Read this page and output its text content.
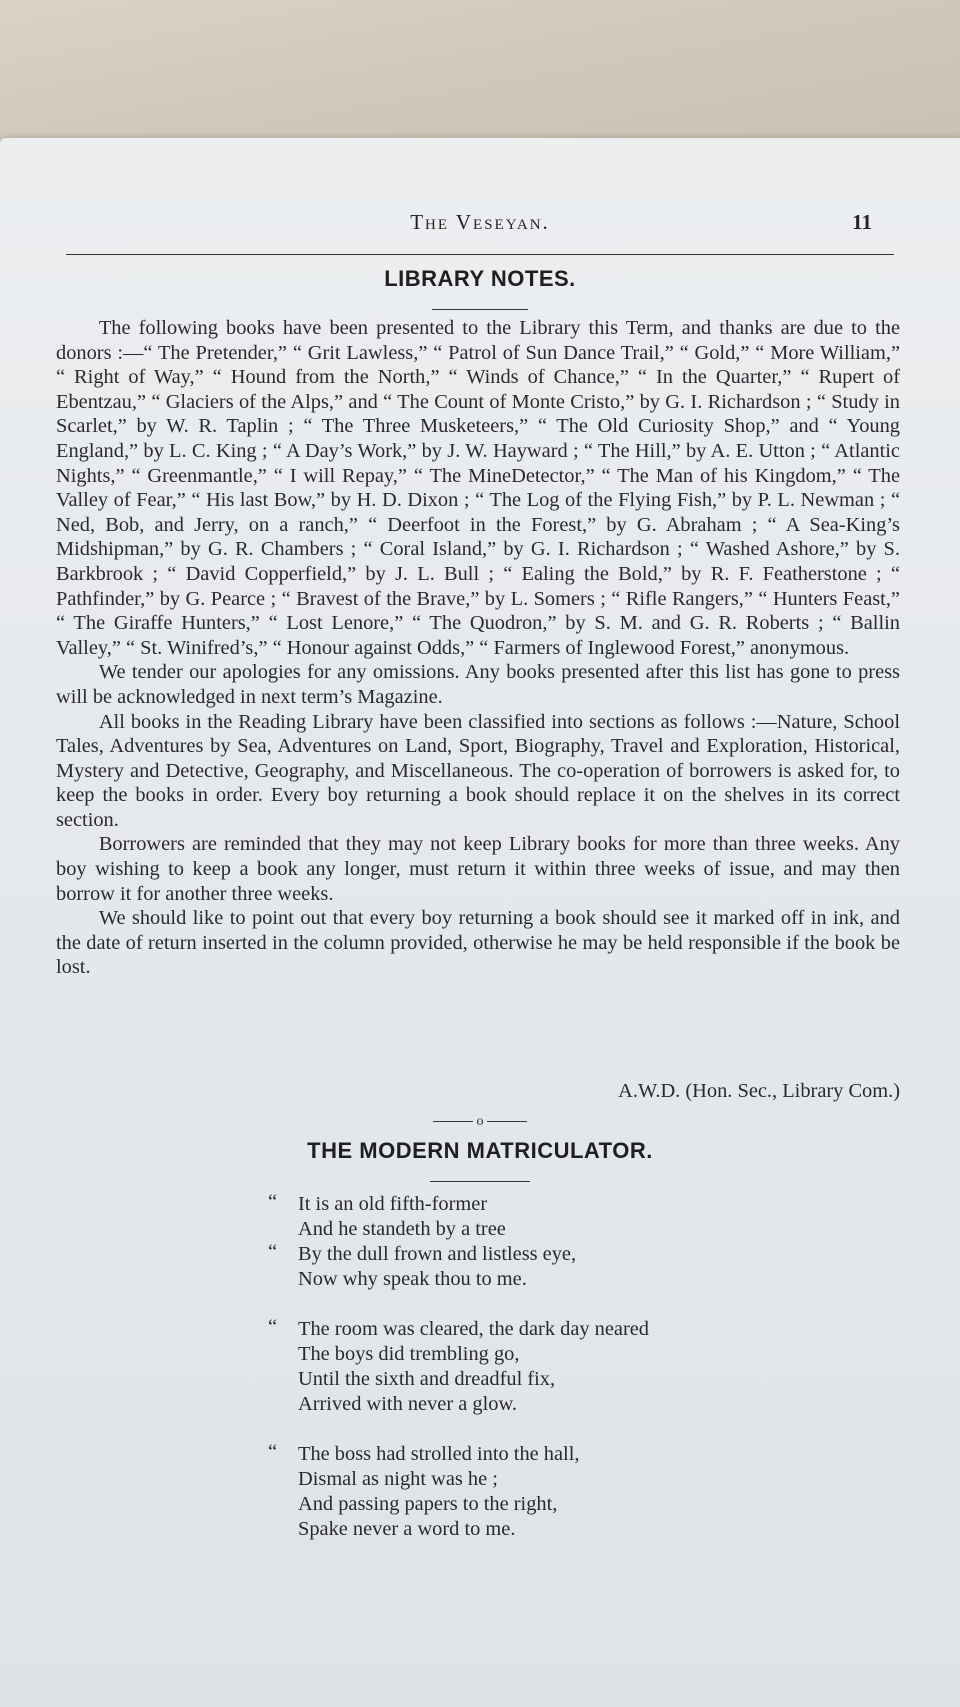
The Veseyan.	11
LIBRARY NOTES.

The following books have been presented to the Library this Term, and thanks are due to the donors :—“ The Pretender,” “ Grit Lawless,” “ Patrol of Sun Dance Trail,” “ Gold,” “ More William,” “ Right of Way,” “ Hound from the North,” “ Winds of Chance,” “ In the Quarter,” “ Rupert of Ebentzau,” “ Glaciers of the Alps,” and “ The Count of Monte Cristo,” by G. I. Richardson ; “ Study in Scarlet,” by W. R. Taplin ; “ The Three Musketeers,” “ The Old Curiosity Shop,” and “ Young England,” by L. C. King ; “ A Day’s Work,” by J. W. Hayward ; “ The Hill,” by A. E. Utton ; “ Atlantic Nights,” “ Greenmantle,” “ I will Repay,” “ The MineDetector,” “ The Man of his Kingdom,” “ The Valley of Fear,” “ His last Bow,” by H. D. Dixon ; “ The Log of the Flying Fish,” by P. L. Newman ; “ Ned, Bob, and Jerry, on a ranch,” “ Deerfoot in the Forest,” by G. Abraham ; “ A Sea-King’s Midshipman,” by G. R. Chambers ; “ Coral Island,” by G. I. Richardson ; “ Washed Ashore,” by S. Barkbrook ; “ David Copperfield,” by J. L. Bull ; “ Ealing the Bold,” by R. F. Featherstone ; “ Pathfinder,” by G. Pearce ; “ Bravest of the Brave,” by L. Somers ; “ Rifle Rangers,” “ Hunters Feast,” “ The Giraffe Hunters,” “ Lost Lenore,” “ The Quodron,” by S. M. and G. R. Roberts ; “ Ballin Valley,” “ St. Winifred’s,” “ Honour against Odds,” “ Farmers of Inglewood Forest,” anonymous.

We tender our apologies for any omissions. Any books presented after this list has gone to press will be acknowledged in next term’s Magazine.

All books in the Reading Library have been classified into sections as follows :—Nature, School Tales, Adventures by Sea, Adventures on Land, Sport, Biography, Travel and Exploration, Historical, Mystery and Detective, Geography, and Miscellaneous. The co-operation of borrowers is asked for, to keep the books in order. Every boy returning a book should replace it on the shelves in its correct section.

Borrowers are reminded that they may not keep Library books for more than three weeks. Any boy wishing to keep a book any longer, must return it within three weeks of issue, and may then borrow it for another three weeks.

We should like to point out that every boy returning a book should see it marked off in ink, and the date of return inserted in the column provided, otherwise he may be held responsible if the book be lost.

A.W.D. (Hon. Sec., Library Com.)
o
THE MODERN MATRICULATOR.
“ It is an old fifth-former
And he standeth by a tree
“ By the dull frown and listless eye,
Now why speak thou to me.
“ The room was cleared, the dark day neared
The boys did trembling go,
Until the sixth and dreadful fix,
Arrived with never a glow.
“ The boss had strolled into the hall,
Dismal as night was he ;
And passing papers to the right,
Spake never a word to me.
